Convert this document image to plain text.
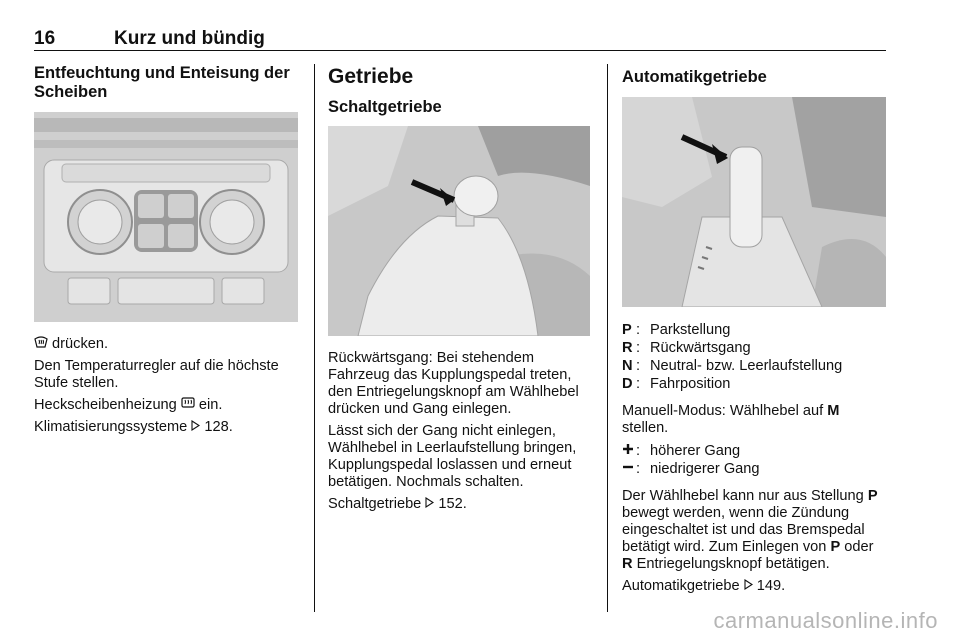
16	Kurz und bündig
Entfeuchtung und Enteisung der Scheiben

drücken.

Den Temperaturregler auf die höchste Stufe stellen.

Heckscheibenheizung  ein.

Klimatisierungssysteme  128.

Getriebe
Schaltgetriebe

Rückwärtsgang: Bei stehendem Fahrzeug das Kupplungspedal treten, den Entriegelungsknopf am Wählhebel drücken und Gang einlegen.

Lässt sich der Gang nicht einlegen, Wählhebel in Leerlaufstellung bringen, Kupplungspedal loslassen und erneut betätigen. Nochmals schalten.

Schaltgetriebe  152.

Automatikgetriebe
P : Parkstellung
R : Rückwärtsgang
N : Neutral- bzw. Leerlaufstellung
D : Fahrposition

Manuell-Modus: Wählhebel auf M stellen.

: höherer Gang
: niedrigerer Gang

Der Wählhebel kann nur aus Stellung P bewegt werden, wenn die Zündung eingeschaltet ist und das Bremspedal betätigt wird. Zum Einlegen von P oder R Entriegelungsknopf betätigen.

Automatikgetriebe  149.

carmanualsonline.info
